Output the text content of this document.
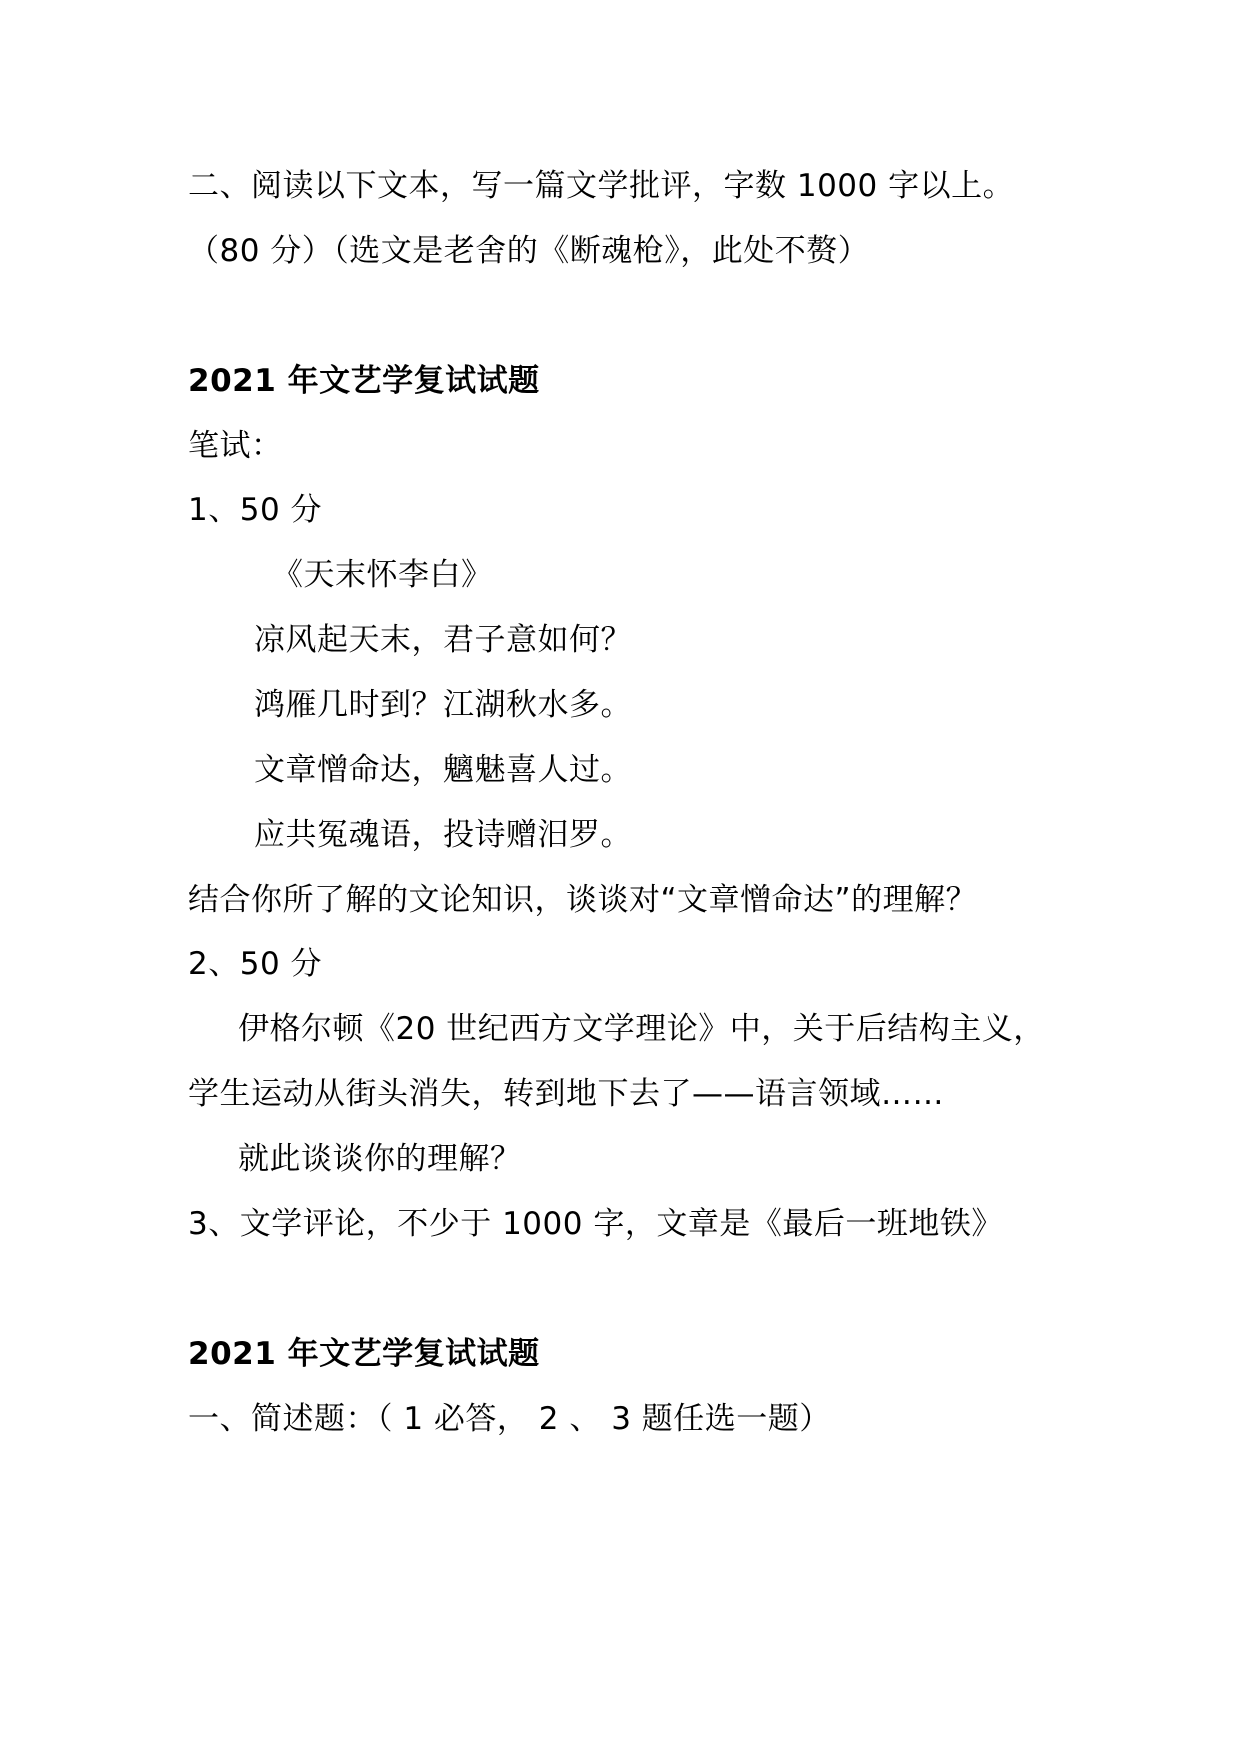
二、阅读以下文本，写一篇文学批评，字数 1000 字以上。
（80 分）（选文是老舍的《断魂枪》，此处不赘）
2021 年文艺学复试试题
笔试：
1、50 分
《天末怀李白》
凉风起天末，君子意如何？
鸿雁几时到？江湖秋水多。
文章憎命达，魑魅喜人过。
应共冤魂语，投诗赠汨罗。
结合你所了解的文论知识，谈谈对“文章憎命达”的理解？
2、50 分
伊格尔顿《20 世纪西方文学理论》中，关于后结构主义，
学生运动从街头消失，转到地下去了——语言领域……
就此谈谈你的理解？
3、文学评论，不少于 1000 字，文章是《最后一班地铁》
2021 年文艺学复试试题
一、简述题：（ 1 必答， 2 、 3 题任选一题）
